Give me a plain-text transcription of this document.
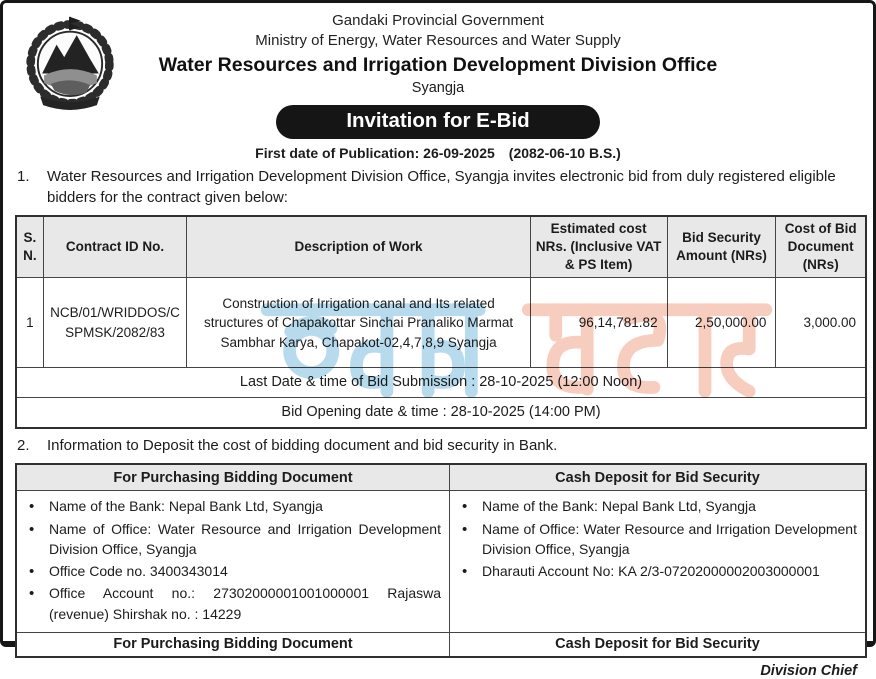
Gandaki Provincial Government
Ministry of Energy, Water Resources and Water Supply
Water Resources and Irrigation Development Division Office
Syangja
Invitation for E-Bid
First date of Publication: 26-09-2025 (2082-06-10 B.S.)
1.	Water Resources and Irrigation Development Division Office, Syangja invites electronic bid from duly registered eligible bidders for the contract given below:
S. N.	Contract ID No.	Description of Work	Estimated cost NRs. (Inclusive VAT & PS Item)	Bid Security Amount (NRs)	Cost of Bid Document (NRs)
1	NCB/01/WRIDDOS/CSPMSK/2082/83	Construction of Irrigation canal and Its related structures of Chapakottar Sinchai Pranaliko Marmat Sambhar Karya, Chapakot-02,4,7,8,9 Syangja	96,14,781.82	2,50,000.00	3,000.00
Last Date & time of Bid Submission : 28-10-2025 (12:00 Noon)					
Bid Opening date & time : 28-10-2025 (14:00 PM)					
2.	Information to Deposit the cost of bidding document and bid security in Bank.
For Purchasing Bidding Document	Cash Deposit for Bid Security

• Name of the Bank: Nepal Bank Ltd, Syangja
• Name of Office: Water Resource and Irrigation Development Division Office, Syangja
• Office Code no. 3400343014
• Office Account no.: 27302000001001000001 Rajaswa (revenue) Shirshak no. : 14229

• Name of the Bank: Nepal Bank Ltd, Syangja
• Name of Office: Water Resource and Irrigation Development Division Office, Syangja
• Dharauti Account No: KA 2/3-07202000002003000001

For Purchasing Bidding Document	Cash Deposit for Bid Security
Division Chief
